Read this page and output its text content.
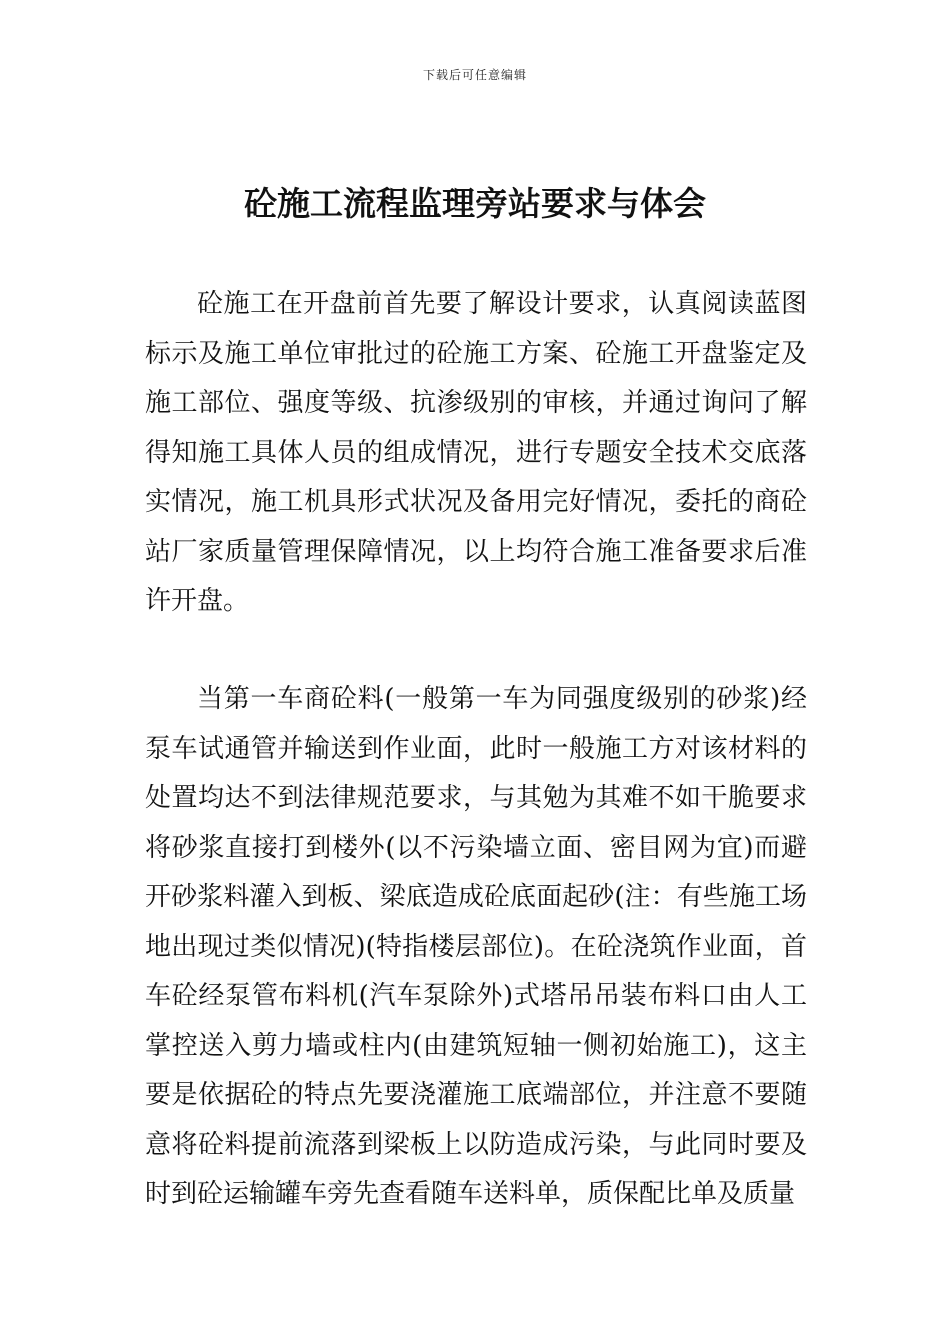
下载后可任意编辑
砼施工流程监理旁站要求与体会

砼施工在开盘前首先要了解设计要求，认真阅读蓝图标示及施工单位审批过的砼施工方案、砼施工开盘鉴定及施工部位、强度等级、抗渗级别的审核，并通过询问了解得知施工具体人员的组成情况，进行专题安全技术交底落实情况，施工机具形式状况及备用完好情况，委托的商砼站厂家质量管理保障情况，以上均符合施工准备要求后准许开盘。

当第一车商砼料(一般第一车为同强度级别的砂浆)经泵车试通管并输送到作业面，此时一般施工方对该材料的处置均达不到法律规范要求，与其勉为其难不如干脆要求将砂浆直接打到楼外(以不污染墙立面、密目网为宜)而避开砂浆料灌入到板、梁底造成砼底面起砂(注：有些施工场地出现过类似情况)(特指楼层部位)。在砼浇筑作业面，首车砼经泵管布料机(汽车泵除外)式塔吊吊装布料口由人工掌控送入剪力墙或柱内(由建筑短轴一侧初始施工)，这主要是依据砼的特点先要浇灌施工底端部位，并注意不要随意将砼料提前流落到梁板上以防造成污染，与此同时要及时到砼运输罐车旁先查看随车送料单，质保配比单及质量
